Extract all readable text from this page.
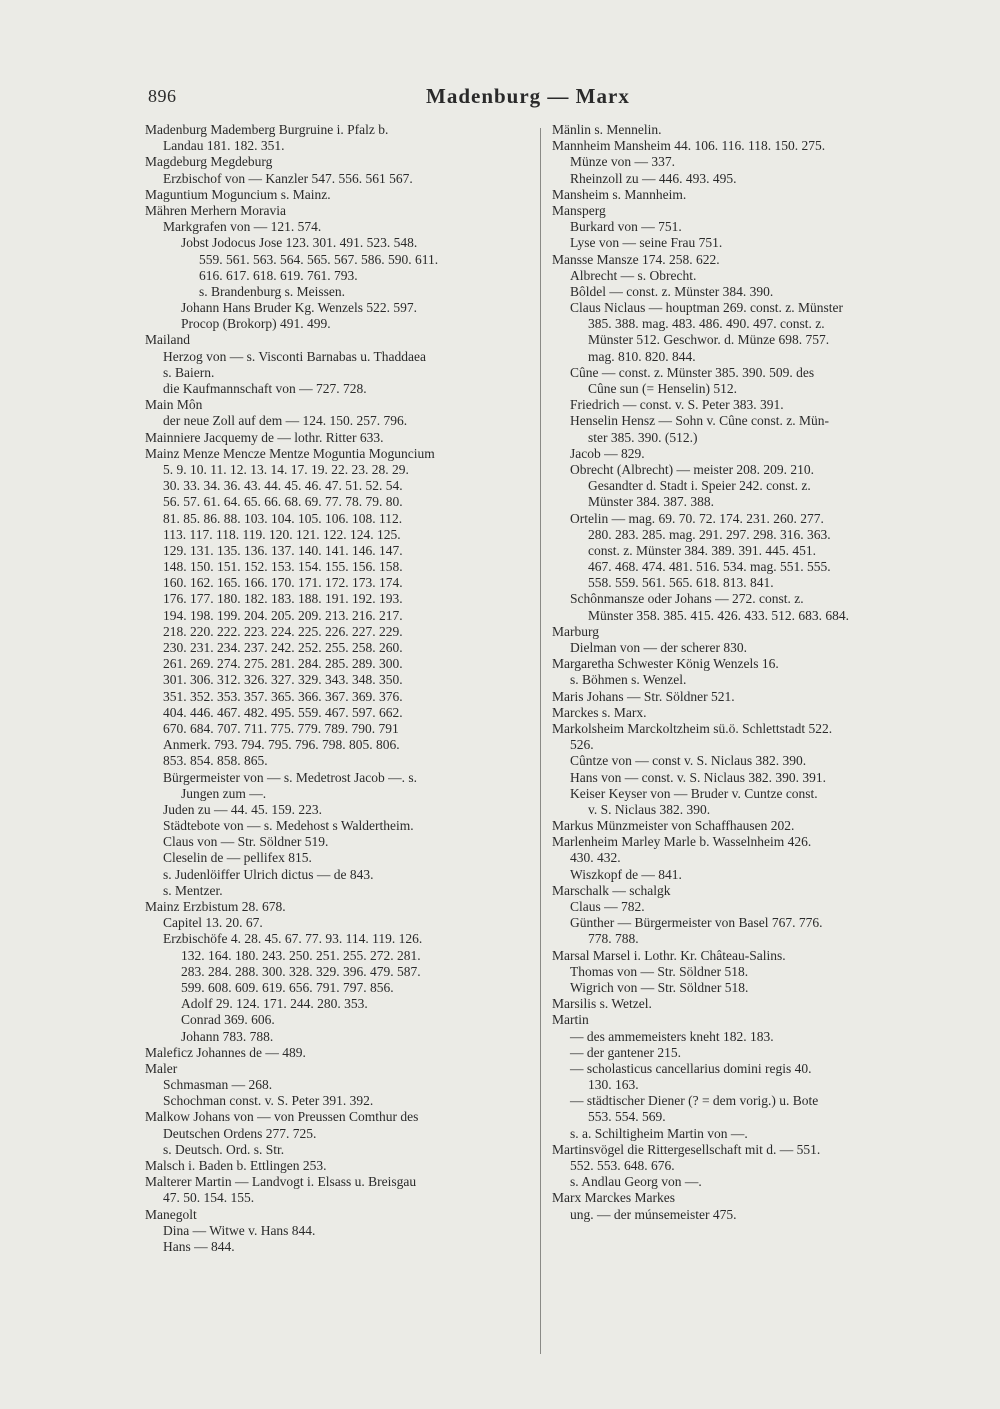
896	Madenburg — Marx
Madenburg Mademberg Burgruine i. Pfalz b.
Landau 181. 182. 351.
Magdeburg Megdeburg
Erzbischof von — Kanzler 547. 556. 561 567.
Maguntium Moguncium s. Mainz.
Mähren Merhern Moravia
Markgrafen von — 121. 574.
Jobst Jodocus Jose 123. 301. 491. 523. 548.
559. 561. 563. 564. 565. 567. 586. 590. 611.
616. 617. 618. 619. 761. 793.
s. Brandenburg s. Meissen.
Johann Hans Bruder Kg. Wenzels 522. 597.
Procop (Brokorp) 491. 499.
Mailand
Herzog von — s. Visconti Barnabas u. Thaddaea
s. Baiern.
die Kaufmannschaft von — 727. 728.
Main Môn
der neue Zoll auf dem — 124. 150. 257. 796.
Mainniere Jacquemy de — lothr. Ritter 633.
Mainz Menze Mencze Mentze Moguntia Moguncium
5. 9. 10. 11. 12. 13. 14. 17. 19. 22. 23. 28. 29.
30. 33. 34. 36. 43. 44. 45. 46. 47. 51. 52. 54.
56. 57. 61. 64. 65. 66. 68. 69. 77. 78. 79. 80.
81. 85. 86. 88. 103. 104. 105. 106. 108. 112.
113. 117. 118. 119. 120. 121. 122. 124. 125.
129. 131. 135. 136. 137. 140. 141. 146. 147.
148. 150. 151. 152. 153. 154. 155. 156. 158.
160. 162. 165. 166. 170. 171. 172. 173. 174.
176. 177. 180. 182. 183. 188. 191. 192. 193.
194. 198. 199. 204. 205. 209. 213. 216. 217.
218. 220. 222. 223. 224. 225. 226. 227. 229.
230. 231. 234. 237. 242. 252. 255. 258. 260.
261. 269. 274. 275. 281. 284. 285. 289. 300.
301. 306. 312. 326. 327. 329. 343. 348. 350.
351. 352. 353. 357. 365. 366. 367. 369. 376.
404. 446. 467. 482. 495. 559. 467. 597. 662.
670. 684. 707. 711. 775. 779. 789. 790. 791
Anmerk. 793. 794. 795. 796. 798. 805. 806.
853. 854. 858. 865.
Bürgermeister von — s. Medetrost Jacob —. s.
Jungen zum —.
Juden zu — 44. 45. 159. 223.
Städtebote von — s. Medehost s Waldertheim.
Claus von — Str. Söldner 519.
Cleselin de — pellifex 815.
s. Judenlöiffer Ulrich dictus — de 843.
s. Mentzer.
Mainz Erzbistum 28. 678.
Capitel 13. 20. 67.
Erzbischöfe 4. 28. 45. 67. 77. 93. 114. 119. 126.
132. 164. 180. 243. 250. 251. 255. 272. 281.
283. 284. 288. 300. 328. 329. 396. 479. 587.
599. 608. 609. 619. 656. 791. 797. 856.
Adolf 29. 124. 171. 244. 280. 353.
Conrad 369. 606.
Johann 783. 788.
Maleficz Johannes de — 489.
Maler
Schmasman — 268.
Schochman const. v. S. Peter 391. 392.
Malkow Johans von — von Preussen Comthur des
Deutschen Ordens 277. 725.
s. Deutsch. Ord. s. Str.
Malsch i. Baden b. Ettlingen 253.
Malterer Martin — Landvogt i. Elsass u. Breisgau
47. 50. 154. 155.
Manegolt
Dina — Witwe v. Hans 844.
Hans — 844.
Mänlin s. Mennelin.
Mannheim Mansheim 44. 106. 116. 118. 150. 275.
Münze von — 337.
Rheinzoll zu — 446. 493. 495.
Mansheim s. Mannheim.
Mansperg
Burkard von — 751.
Lyse von — seine Frau 751.
Mansse Mansze 174. 258. 622.
Albrecht — s. Obrecht.
Bôldel — const. z. Münster 384. 390.
Claus Niclaus — houptman 269. const. z. Münster
385. 388. mag. 483. 486. 490. 497. const. z.
Münster 512. Geschwor. d. Münze 698. 757.
mag. 810. 820. 844.
Cûne — const. z. Münster 385. 390. 509. des
Cûne sun (= Henselin) 512.
Friedrich — const. v. S. Peter 383. 391.
Henselin Hensz — Sohn v. Cûne const. z. Mün-
ster 385. 390. (512.)
Jacob — 829.
Obrecht (Albrecht) — meister 208. 209. 210.
Gesandter d. Stadt i. Speier 242. const. z.
Münster 384. 387. 388.
Ortelin — mag. 69. 70. 72. 174. 231. 260. 277.
280. 283. 285. mag. 291. 297. 298. 316. 363.
const. z. Münster 384. 389. 391. 445. 451.
467. 468. 474. 481. 516. 534. mag. 551. 555.
558. 559. 561. 565. 618. 813. 841.
Schônmansze oder Johans — 272. const. z.
Münster 358. 385. 415. 426. 433. 512. 683. 684.
Marburg
Dielman von — der scherer 830.
Margaretha Schwester König Wenzels 16.
s. Böhmen s. Wenzel.
Maris Johans — Str. Söldner 521.
Marckes s. Marx.
Markolsheim Marckoltzheim sü.ö. Schlettstadt 522.
526.
Cûntze von — const v. S. Niclaus 382. 390.
Hans von — const. v. S. Niclaus 382. 390. 391.
Keiser Keyser von — Bruder v. Cuntze const.
v. S. Niclaus 382. 390.
Markus Münzmeister von Schaffhausen 202.
Marlenheim Marley Marle b. Wasselnheim 426.
430. 432.
Wiszkopf de — 841.
Marschalk — schalgk
Claus — 782.
Günther — Bürgermeister von Basel 767. 776.
778. 788.
Marsal Marsel i. Lothr. Kr. Château-Salins.
Thomas von — Str. Söldner 518.
Wigrich von — Str. Söldner 518.
Marsilis s. Wetzel.
Martin
— des ammemeisters kneht 182. 183.
— der gantener 215.
— scholasticus cancellarius domini regis 40.
130. 163.
— städtischer Diener (? = dem vorig.) u. Bote
553. 554. 569.
s. a. Schiltigheim Martin von —.
Martinsvögel die Rittergesellschaft mit d. — 551.
552. 553. 648. 676.
s. Andlau Georg von —.
Marx Marckes Markes
ung. — der múnsemeister 475.
